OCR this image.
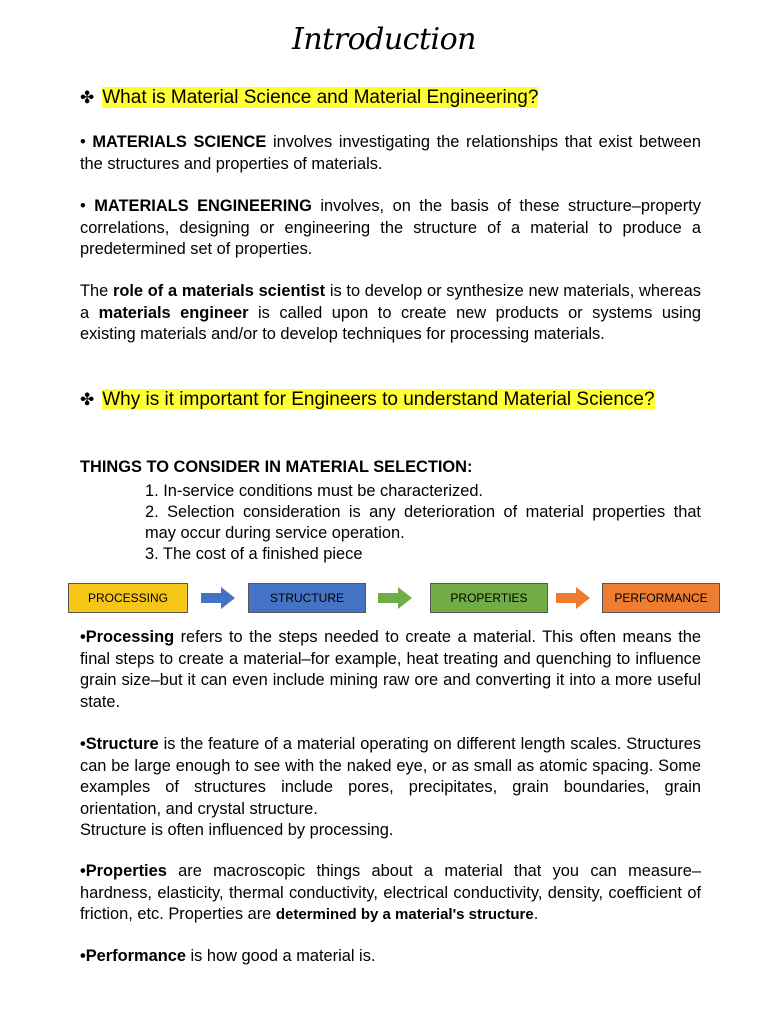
Introduction
✤ What is Material Science and Material Engineering?
• MATERIALS SCIENCE involves investigating the relationships that exist between the structures and properties of materials.
• MATERIALS ENGINEERING involves, on the basis of these structure–property correlations, designing or engineering the structure of a material to produce a predetermined set of properties.
The role of a materials scientist is to develop or synthesize new materials, whereas a materials engineer is called upon to create new products or systems using existing materials and/or to develop techniques for processing materials.
✤ Why is it important for Engineers to understand Material Science?
THINGS TO CONSIDER IN MATERIAL SELECTION:
1. In-service conditions must be characterized.
2. Selection consideration is any deterioration of material properties that may occur during service operation.
3. The cost of a finished piece
PROCESSING	STRUCTURE	PROPERTIES	PERFORMANCE
•Processing refers to the steps needed to create a material. This often means the final steps to create a material–for example, heat treating and quenching to influence grain size–but it can even include mining raw ore and converting it into a more useful state.
•Structure is the feature of a material operating on different length scales. Structures can be large enough to see with the naked eye, or as small as atomic spacing. Some examples of structures include pores, precipitates, grain boundaries, grain orientation, and crystal structure.
Structure is often influenced by processing.
•Properties are macroscopic things about a material that you can measure–hardness, elasticity, thermal conductivity, electrical conductivity, density, coefficient of friction, etc. Properties are determined by a material's structure.
•Performance is how good a material is.
